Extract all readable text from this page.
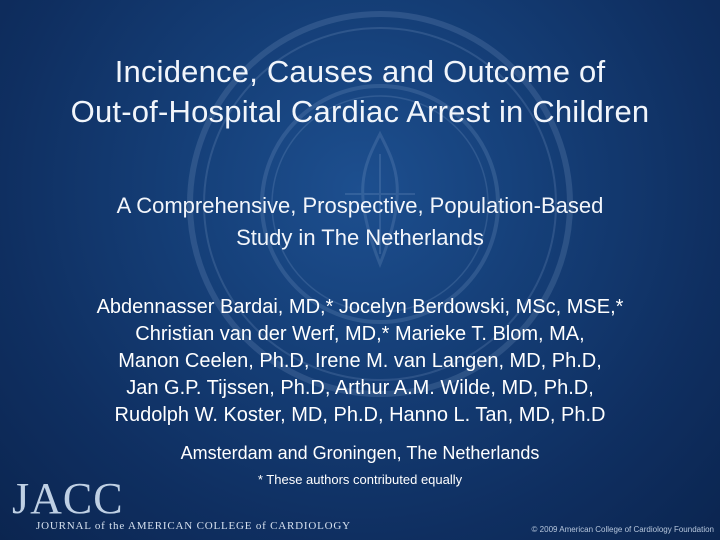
Incidence, Causes and Outcome of
Out-of-Hospital Cardiac Arrest in Children
A Comprehensive, Prospective, Population-Based
Study in The Netherlands
Abdennasser Bardai, MD,* Jocelyn Berdowski, MSc, MSE,*
Christian van der Werf, MD,* Marieke T. Blom, MA,
Manon Ceelen, Ph.D, Irene M. van Langen, MD, Ph.D,
Jan G.P. Tijssen, Ph.D, Arthur A.M. Wilde, MD, Ph.D,
Rudolph W. Koster, MD, Ph.D, Hanno L. Tan, MD, Ph.D
Amsterdam and Groningen, The Netherlands
* These authors contributed equally
JACC
JOURNAL of the AMERICAN COLLEGE of CARDIOLOGY	© 2009 American College of Cardiology Foundation
